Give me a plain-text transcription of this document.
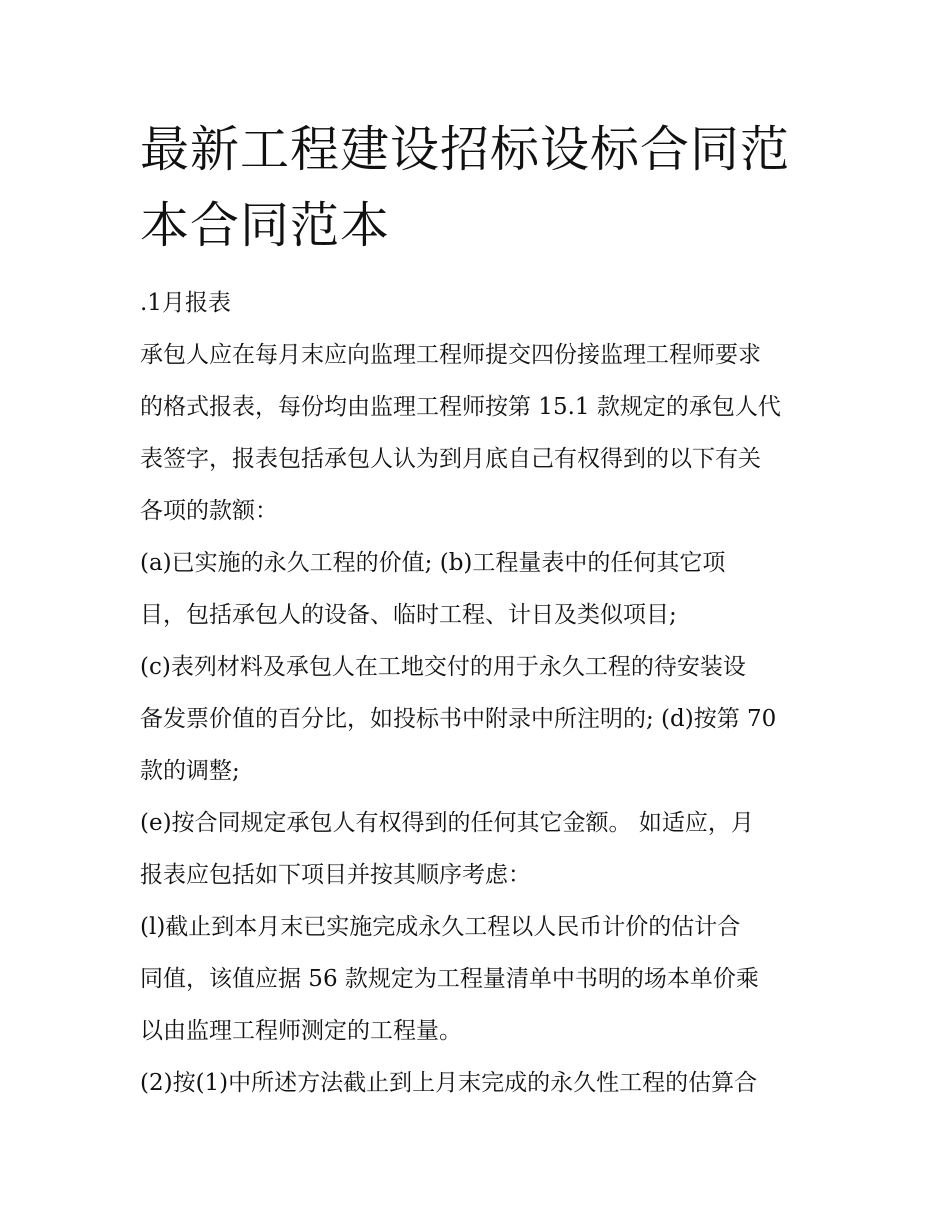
最新工程建设招标设标合同范
本合同范本
.1月报表
承包人应在每月末应向监理工程师提交四份接监理工程师要求
的格式报表，每份均由监理工程师按第 15.1 款规定的承包人代
表签字，报表包括承包人认为到月底自己有权得到的以下有关
各项的款额：
(a)已实施的永久工程的价值; (b)工程量表中的任何其它项
目，包括承包人的设备、临时工程、计日及类似项目;
(c)表列材料及承包人在工地交付的用于永久工程的待安装设
备发票价值的百分比，如投标书中附录中所注明的; (d)按第 70
款的调整;
(e)按合同规定承包人有权得到的任何其它金额。 如适应，月
报表应包括如下项目并按其顺序考虑：
(l)截止到本月末已实施完成永久工程以人民币计价的估计合
同值，该值应据 56 款规定为工程量清单中书明的场本单价乘
以由监理工程师测定的工程量。
(2)按(1)中所述方法截止到上月末完成的永久性工程的估算合
